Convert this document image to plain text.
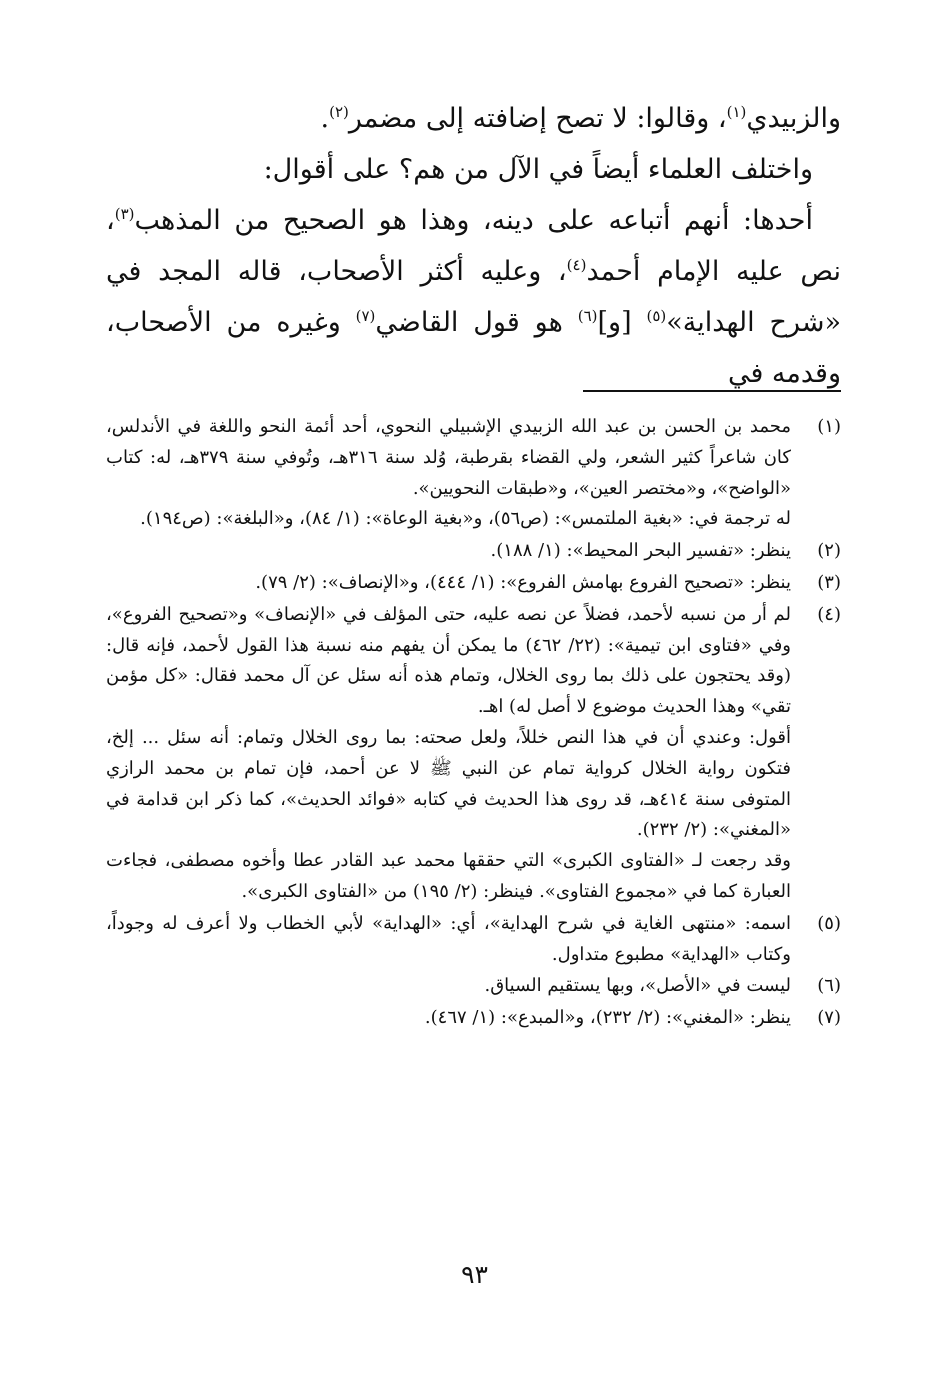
والزبيدي$^{(١)}$، وقالوا: لا تصح إضافته إلى مضمر$^{(٢)}$.

واختلف العلماء أيضاً في الآل من هم؟ على أقوال:

أحدها: أنهم أتباعه على دينه، وهذا هو الصحيح من المذهب$^{(٣)}$، نص عليه الإمام أحمد$^{(٤)}$، وعليه أكثر الأصحاب، قاله المجد في «شرح الهداية»$^{(٥)}$ [و]$^{(٦)}$ هو قول القاضي$^{(٧)}$ وغيره من الأصحاب، وقدمه في

(١)

محمد بن الحسن بن عبد الله الزبيدي الإشبيلي النحوي، أحد أئمة النحو واللغة في الأندلس، كان شاعراً كثير الشعر، ولي القضاء بقرطبة، وُلد سنة ٣١٦هـ، وتُوفي سنة ٣٧٩هـ، له: كتاب «الواضح»، و«مختصر العين»، و«طبقات النحويين».

له ترجمة في: «بغية الملتمس»: (ص٥٦)، و«بغية الوعاة»: (١/ ٨٤)، و«البلغة»: (ص١٩٤).

(٢)

ينظر: «تفسير البحر المحيط»: (١/ ١٨٨).

(٣)

ينظر: «تصحيح الفروع بهامش الفروع»: (١/ ٤٤٤)، و«الإنصاف»: (٢/ ٧٩).

(٤)

لم أر من نسبه لأحمد، فضلاً عن نصه عليه، حتى المؤلف في «الإنصاف» و«تصحيح الفروع»، وفي «فتاوى ابن تيمية»: (٢٢/ ٤٦٢) ما يمكن أن يفهم منه نسبة هذا القول لأحمد، فإنه قال: (وقد يحتجون على ذلك بما روى الخلال، وتمام هذه أنه سئل عن آل محمد فقال: «كل مؤمن تقي» وهذا الحديث موضوع لا أصل له) اهـ.

أقول: وعندي أن في هذا النص خللاً، ولعل صحته: بما روى الخلال وتمام: أنه سئل ... إلخ، فتكون رواية الخلال كرواية تمام عن النبي ﷺ لا عن أحمد، فإن تمام بن محمد الرازي المتوفى سنة ٤١٤هـ، قد روى هذا الحديث في كتابه «فوائد الحديث»، كما ذكر ابن قدامة في «المغني»: (٢/ ٢٣٢).

وقد رجعت لـ «الفتاوى الكبرى» التي حققها محمد عبد القادر عطا وأخوه مصطفى، فجاءت العبارة كما في «مجموع الفتاوى». فينظر: (٢/ ١٩٥) من «الفتاوى الكبرى».

(٥)

اسمه: «منتهى الغاية في شرح الهداية»، أي: «الهداية» لأبي الخطاب ولا أعرف له وجوداً، وكتاب «الهداية» مطبوع متداول.

(٦)

ليست في «الأصل»، وبها يستقيم السياق.

(٧)

ينظر: «المغني»: (٢/ ٢٣٢)، و«المبدع»: (١/ ٤٦٧).

٩٣
